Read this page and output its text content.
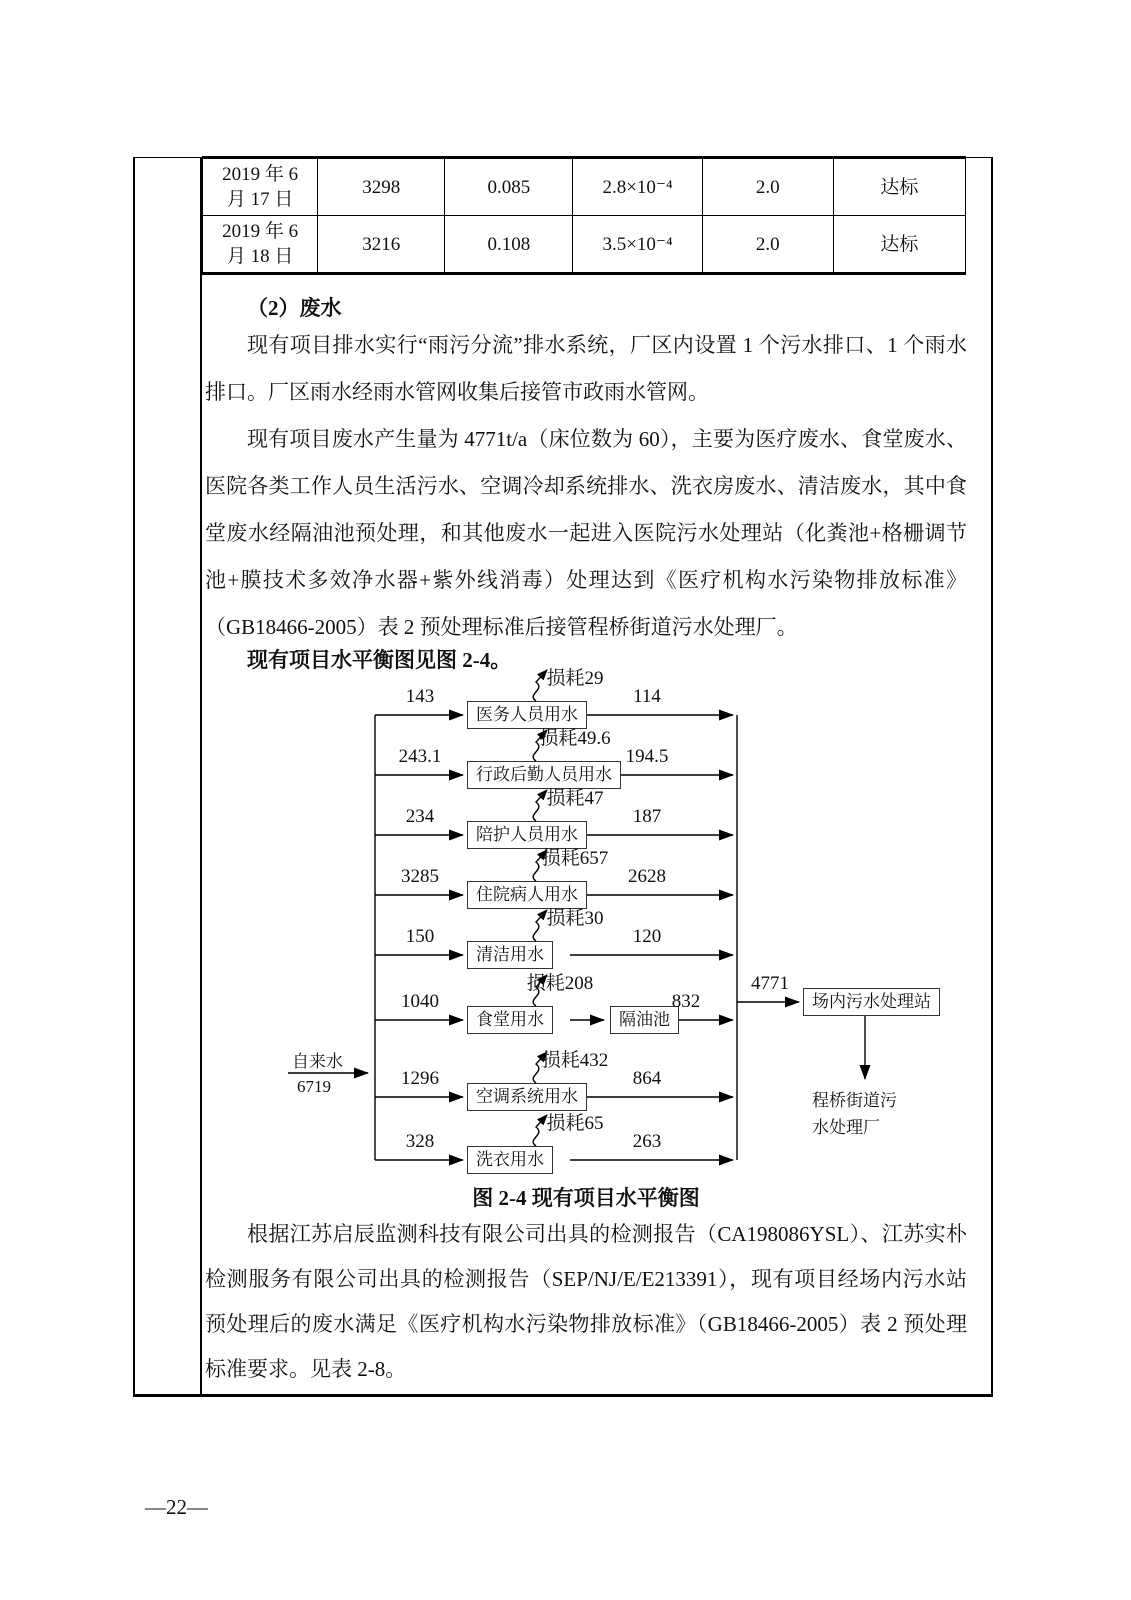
2019 年 6
月 17 日	3298	0.085	2.8×10⁻⁴	2.0	达标

2019 年 6
月 18 日	3216	0.108	3.5×10⁻⁴	2.0	达标

（2）废水

现有项目排水实行“雨污分流”排水系统，厂区内设置 1 个污水排口、1 个雨水排口。厂区雨水经雨水管网收集后接管市政雨水管网。

现有项目废水产生量为 4771t/a（床位数为 60），主要为医疗废水、食堂废水、医院各类工作人员生活污水、空调冷却系统排水、洗衣房废水、清洁废水，其中食堂废水经隔油池预处理，和其他废水一起进入医院污水处理站（化粪池+格栅调节池+膜技术多效净水器+紫外线消毒）处理达到《医疗机构水污染物排放标准》（GB18466-2005）表 2 预处理标准后接管程桥街道污水处理厂。

现有项目水平衡图见图 2-4。

自来水
6719
143
医务人员用水
114
损耗29
243.1
行政后勤人员用水
194.5
损耗49.6
234
陪护人员用水
187
损耗47
3285
住院病人用水
2628
损耗657
150
清洁用水
120
损耗30
1040
食堂用水	隔油池
832
损耗208
1296
空调系统用水
864
损耗432
328
洗衣用水
263
损耗65
4771
场内污水处理站
程桥街道污
水处理厂
图 2-4 现有项目水平衡图

根据江苏启辰监测科技有限公司出具的检测报告（CA198086YSL）、江苏实朴检测服务有限公司出具的检测报告（SEP/NJ/E/E213391），现有项目经场内污水站预处理后的废水满足《医疗机构水污染物排放标准》（GB18466-2005）表 2 预处理标准要求。见表 2-8。

—22—
